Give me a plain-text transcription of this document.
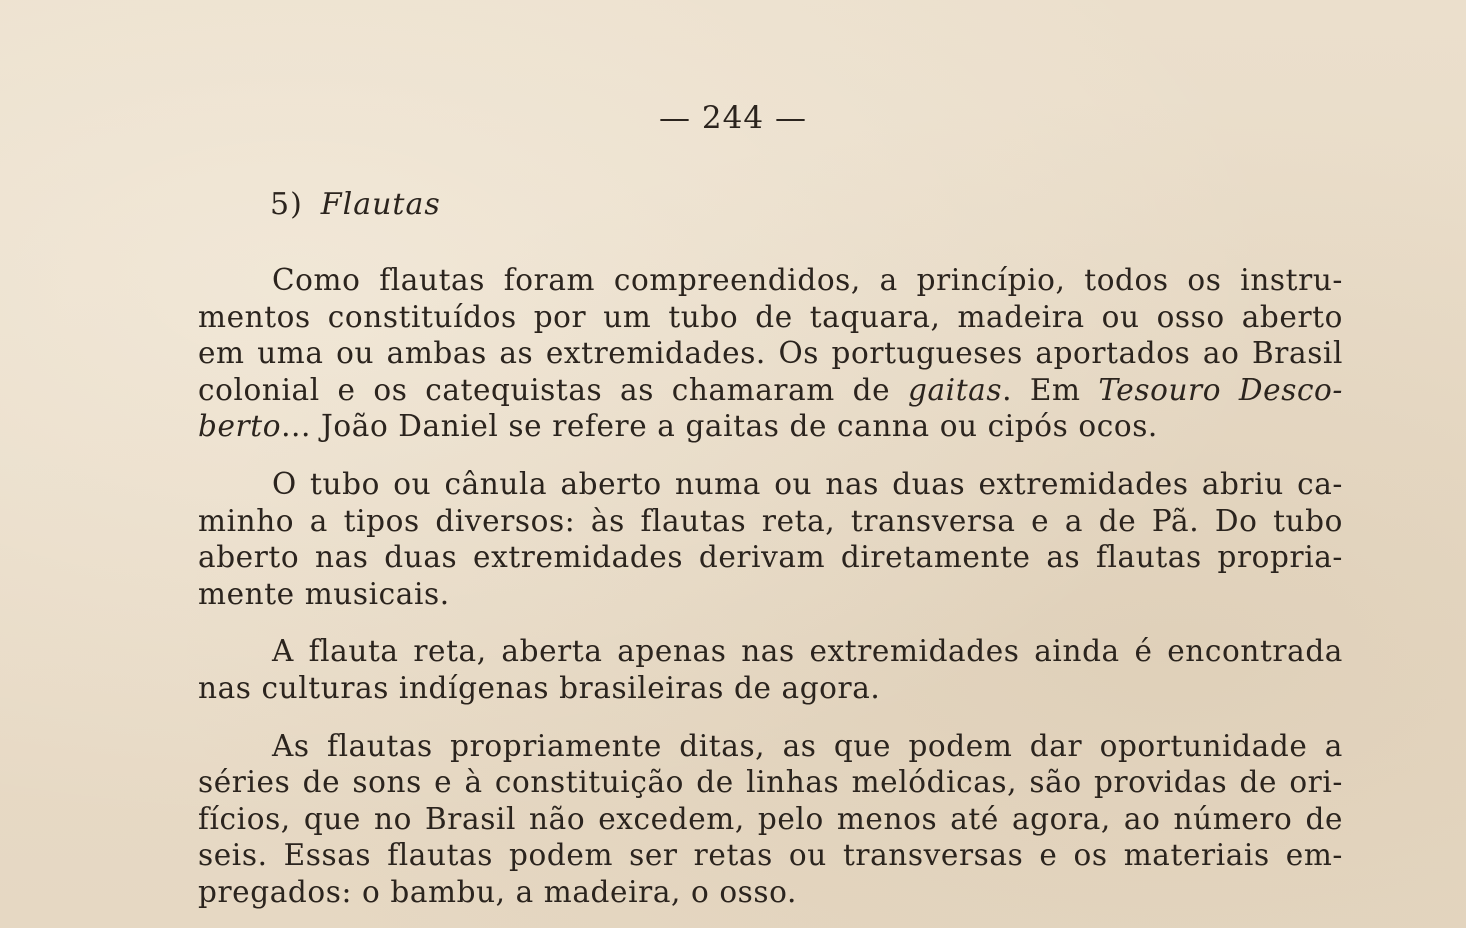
— 244 —
5) Flautas

Como flautas foram compreendidos, a princípio, todos os instru-
mentos constituídos por um tubo de taquara, madeira ou osso aberto
em uma ou ambas as extremidades. Os portugueses aportados ao Brasil
colonial e os catequistas as chamaram de gaitas. Em Tesouro Desco-
berto... João Daniel se refere a gaitas de canna ou cipós ocos.

O tubo ou cânula aberto numa ou nas duas extremidades abriu ca-
minho a tipos diversos: às flautas reta, transversa e a de Pã. Do tubo
aberto nas duas extremidades derivam diretamente as flautas propria-
mente musicais.

A flauta reta, aberta apenas nas extremidades ainda é encontrada
nas culturas indígenas brasileiras de agora.

As flautas propriamente ditas, as que podem dar oportunidade a
séries de sons e à constituição de linhas melódicas, são providas de ori-
fícios, que no Brasil não excedem, pelo menos até agora, ao número de
seis. Essas flautas podem ser retas ou transversas e os materiais em-
pregados: o bambu, a madeira, o osso.
